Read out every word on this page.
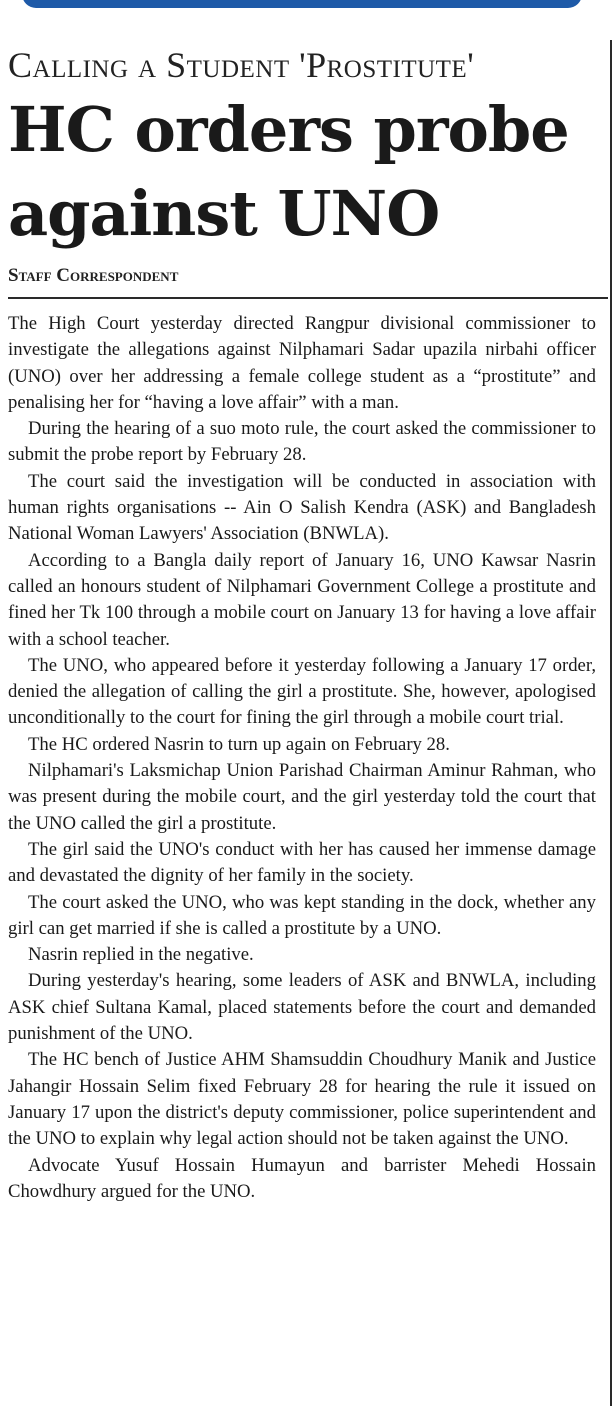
Calling a Student 'Prostitute'
HC orders probe against UNO
Staff Correspondent

The High Court yesterday directed Rangpur divisional commissioner to investigate the allegations against Nilphamari Sadar upazila nirbahi officer (UNO) over her addressing a female college student as a “prostitute” and penalising her for “having a love affair” with a man.

During the hearing of a suo moto rule, the court asked the commissioner to submit the probe report by February 28.

The court said the investigation will be conducted in association with human rights organisations -- Ain O Salish Kendra (ASK) and Bangladesh National Woman Lawyers' Association (BNWLA).

According to a Bangla daily report of January 16, UNO Kawsar Nasrin called an honours student of Nilphamari Government College a prostitute and fined her Tk 100 through a mobile court on January 13 for having a love affair with a school teacher.

The UNO, who appeared before it yesterday following a January 17 order, denied the allegation of calling the girl a prostitute. She, however, apologised unconditionally to the court for fining the girl through a mobile court trial.

The HC ordered Nasrin to turn up again on February 28.

Nilphamari's Laksmichap Union Parishad Chairman Aminur Rahman, who was present during the mobile court, and the girl yesterday told the court that the UNO called the girl a prostitute.

The girl said the UNO's conduct with her has caused her immense damage and devastated the dignity of her family in the society.

The court asked the UNO, who was kept standing in the dock, whether any girl can get married if she is called a prostitute by a UNO.

Nasrin replied in the negative.

During yesterday's hearing, some leaders of ASK and BNWLA, including ASK chief Sultana Kamal, placed statements before the court and demanded punishment of the UNO.

The HC bench of Justice AHM Shamsuddin Choudhury Manik and Justice Jahangir Hossain Selim fixed February 28 for hearing the rule it issued on January 17 upon the district's deputy commissioner, police superintendent and the UNO to explain why legal action should not be taken against the UNO.

Advocate Yusuf Hossain Humayun and barrister Mehedi Hossain Chowdhury argued for the UNO.
